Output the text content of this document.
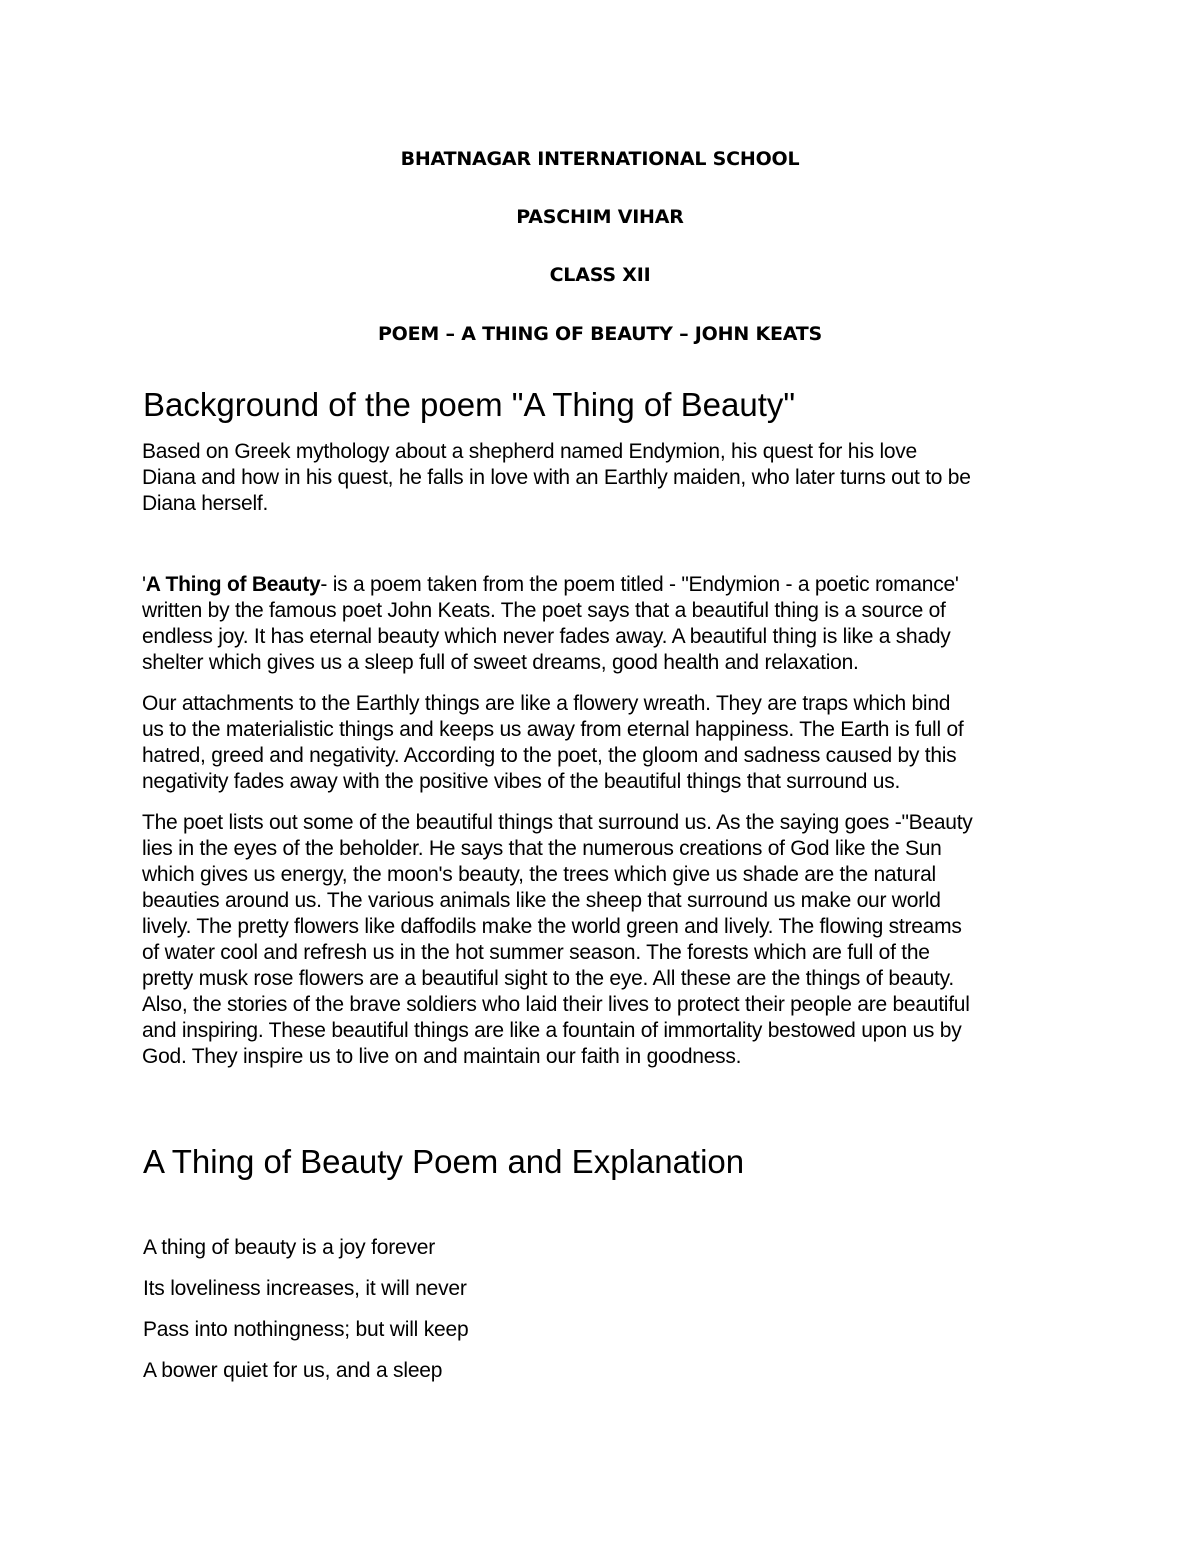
BHATNAGAR INTERNATIONAL SCHOOL
PASCHIM VIHAR
CLASS XII
POEM – A THING OF BEAUTY – JOHN KEATS
Background of the poem "A Thing of Beauty"

Based on Greek mythology about a shepherd named Endymion, his quest for his love
Diana and how in his quest, he falls in love with an Earthly maiden, who later turns out to be
Diana herself.

'A Thing of Beauty- is a poem taken from the poem titled - "Endymion - a poetic romance'
written by the famous poet John Keats. The poet says that a beautiful thing is a source of
endless joy. It has eternal beauty which never fades away. A beautiful thing is like a shady
shelter which gives us a sleep full of sweet dreams, good health and relaxation.

Our attachments to the Earthly things are like a flowery wreath. They are traps which bind
us to the materialistic things and keeps us away from eternal happiness. The Earth is full of
hatred, greed and negativity. According to the poet, the gloom and sadness caused by this
negativity fades away with the positive vibes of the beautiful things that surround us.

The poet lists out some of the beautiful things that surround us. As the saying goes -"Beauty
lies in the eyes of the beholder. He says that the numerous creations of God like the Sun
which gives us energy, the moon's beauty, the trees which give us shade are the natural
beauties around us. The various animals like the sheep that surround us make our world
lively. The pretty flowers like daffodils make the world green and lively. The flowing streams
of water cool and refresh us in the hot summer season. The forests which are full of the
pretty musk rose flowers are a beautiful sight to the eye. All these are the things of beauty.
Also, the stories of the brave soldiers who laid their lives to protect their people are beautiful
and inspiring. These beautiful things are like a fountain of immortality bestowed upon us by
God. They inspire us to live on and maintain our faith in goodness.

A Thing of Beauty Poem and Explanation
A thing of beauty is a joy forever
Its loveliness increases, it will never
Pass into nothingness; but will keep
A bower quiet for us, and a sleep
